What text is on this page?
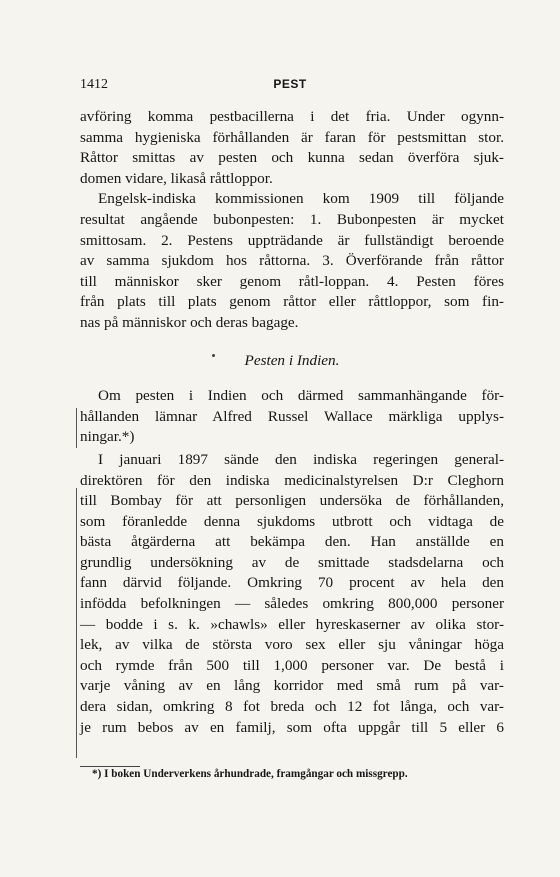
1412	PEST
avföring komma pestbacillerna i det fria. Under ogynn-
samma hygieniska förhållanden är faran för pestsmittan stor.
Råttor smittas av pesten och kunna sedan överföra sjuk-
domen vidare, likaså råttloppor.
Engelsk-indiska kommissionen kom 1909 till följande
resultat angående bubonpesten: 1. Bubonpesten är mycket
smittosam. 2. Pestens uppträdande är fullständigt beroende
av samma sjukdom hos råttorna. 3. Överförande från råttor
till människor sker genom råtl-loppan. 4. Pesten föres
från plats till plats genom råttor eller råttloppor, som fin-
nas på människor och deras bagage.
Pesten i Indien.
Om pesten i Indien och därmed sammanhängande för-
hållanden lämnar Alfred Russel Wallace märkliga upplys-
ningar.*)
I januari 1897 sände den indiska regeringen general-
direktören för den indiska medicinalstyrelsen D:r Cleghorn
till Bombay för att personligen undersöka de förhållanden,
som föranledde denna sjukdoms utbrott och vidtaga de
bästa åtgärderna att bekämpa den. Han anställde en
grundlig undersökning av de smittade stadsdelarna och
fann därvid följande. Omkring 70 procent av hela den
infödda befolkningen — således omkring 800,000 personer
— bodde i s. k. »chawls» eller hyreskaserner av olika stor-
lek, av vilka de största voro sex eller sju våningar höga
och rymde från 500 till 1,000 personer var. De bestå i
varje våning av en lång korridor med små rum på var-
dera sidan, omkring 8 fot breda och 12 fot långa, och var-
je rum bebos av en familj, som ofta uppgår till 5 eller 6
*) I boken Underverkens århundrade, framgångar och missgrepp.
